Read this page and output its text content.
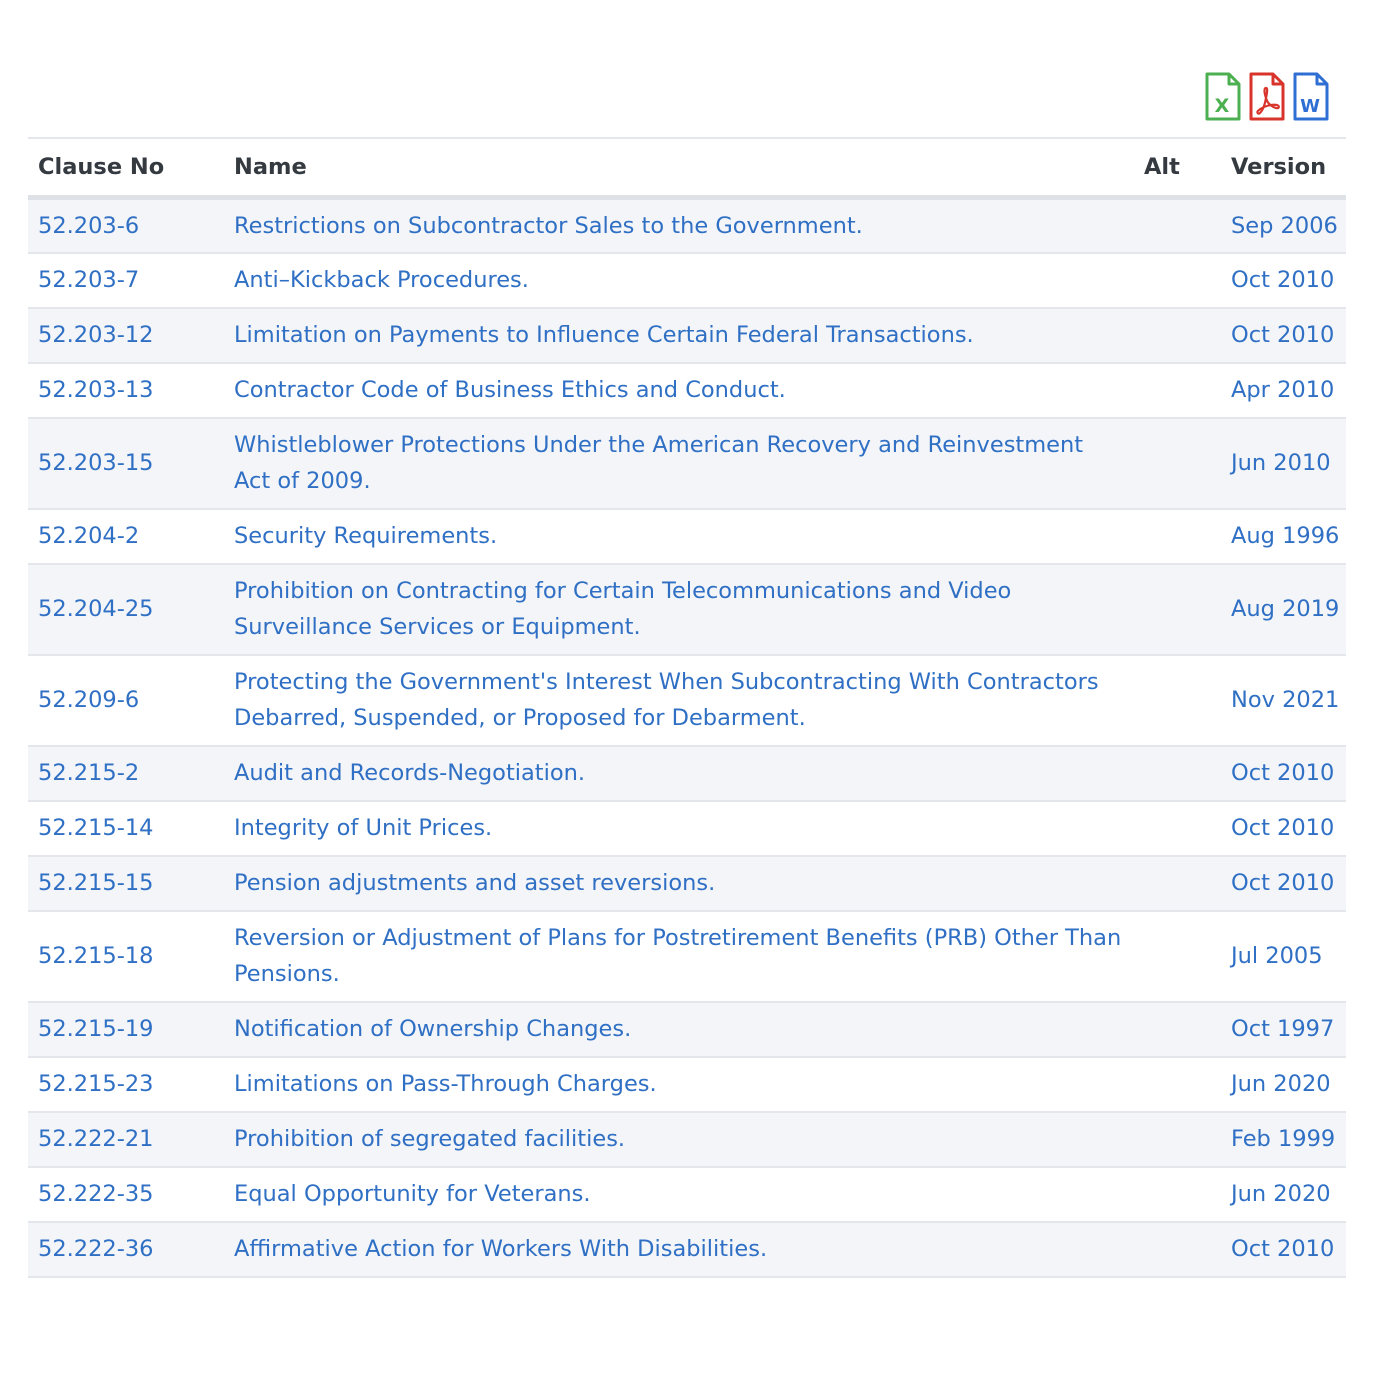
X	W
Clause No	Name	Alt	Version
52.203-6	Restrictions on Subcontractor Sales to the Government.		Sep 2006
52.203-7	Anti–Kickback Procedures.		Oct 2010
52.203-12	Limitation on Payments to Influence Certain Federal Transactions.		Oct 2010
52.203-13	Contractor Code of Business Ethics and Conduct.		Apr 2010
52.203-15	Whistleblower Protections Under the American Recovery and Reinvestment Act of 2009.		Jun 2010
52.204-2	Security Requirements.		Aug 1996
52.204-25	Prohibition on Contracting for Certain Telecommunications and Video Surveillance Services or Equipment.		Aug 2019
52.209-6	Protecting the Government's Interest When Subcontracting With Contractors Debarred, Suspended, or Proposed for Debarment.		Nov 2021
52.215-2	Audit and Records-Negotiation.		Oct 2010
52.215-14	Integrity of Unit Prices.		Oct 2010
52.215-15	Pension adjustments and asset reversions.		Oct 2010
52.215-18	Reversion or Adjustment of Plans for Postretirement Benefits (PRB) Other Than Pensions.		Jul 2005
52.215-19	Notification of Ownership Changes.		Oct 1997
52.215-23	Limitations on Pass-Through Charges.		Jun 2020
52.222-21	Prohibition of segregated facilities.		Feb 1999
52.222-35	Equal Opportunity for Veterans.		Jun 2020
52.222-36	Affirmative Action for Workers With Disabilities.		Oct 2010
